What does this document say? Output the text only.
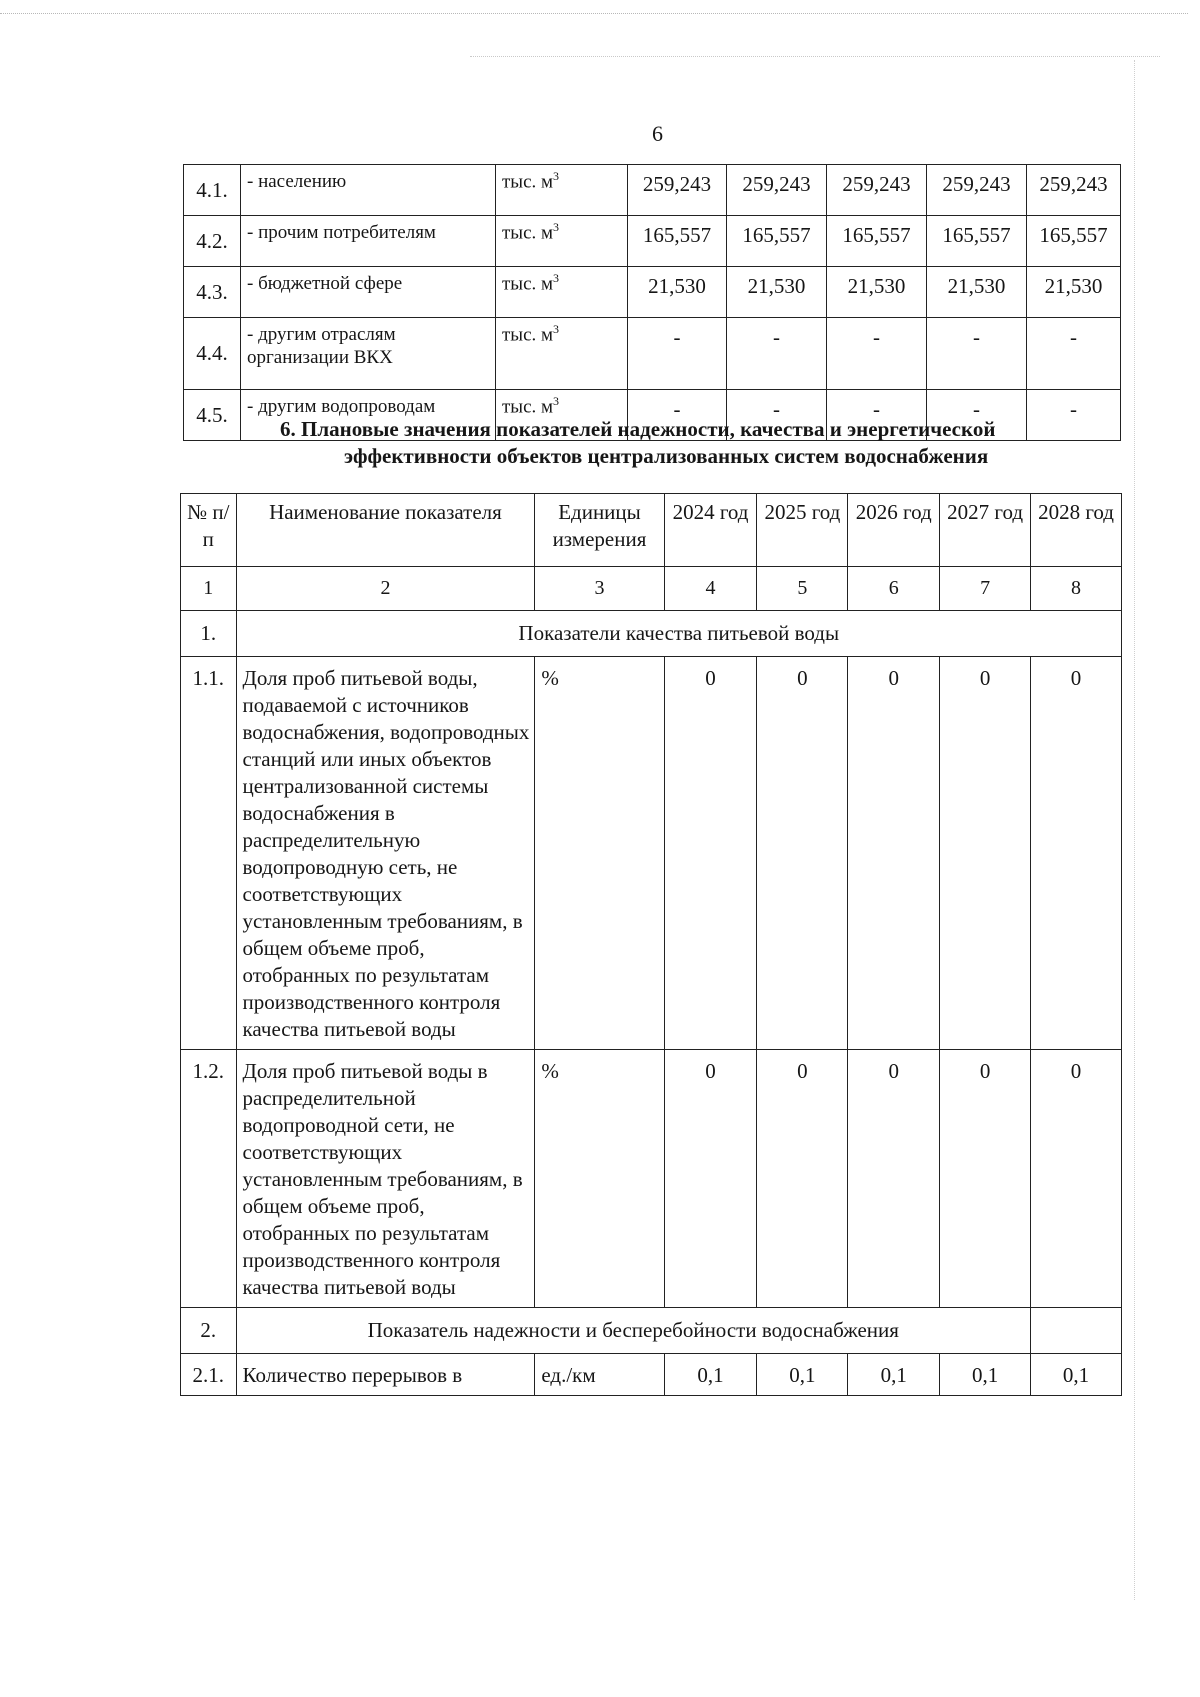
6
4.1.	- населению	тыс. $м^3$	259,243	259,243	259,243	259,243	259,243
4.2.	- прочим потребителям	тыс. $м^3$	165,557	165,557	165,557	165,557	165,557
4.3.	- бюджетной сфере	тыс. $м^3$	21,530	21,530	21,530	21,530	21,530
4.4.	- другим отраслям организации ВКХ	тыс. $м^3$	-	-	-	-	-
4.5.	- другим водопроводам	тыс. $м^3$	-	-	-	-	-
6. Плановые значения показателей надежности, качества и энергетической
эффективности объектов централизованных систем водоснабжения
№ п/п	Наименование показателя	Единицы измерения	2024 год	2025 год	2026 год	2027 год	2028 год
1	2	3	4	5	6	7	8
1.	Показатели качества питьевой воды						
1.1.	Доля проб питьевой воды, подаваемой с источников водоснабжения, водопроводных станций или иных объектов централизованной системы водоснабжения в распределительную водопроводную сеть, не соответствующих установленным требованиям, в общем объеме проб, отобранных по результатам производственного контроля качества питьевой воды	%	0	0	0	0	0
1.2.	Доля проб питьевой воды в распределительной водопроводной сети, не соответствующих установленным требованиям, в общем объеме проб, отобранных по результатам производственного контроля качества питьевой воды	%	0	0	0	0	0
2.	Показатель надежности и бесперебойности водоснабжения						
2.1.	Количество перерывов в	ед./км	0,1	0,1	0,1	0,1	0,1
